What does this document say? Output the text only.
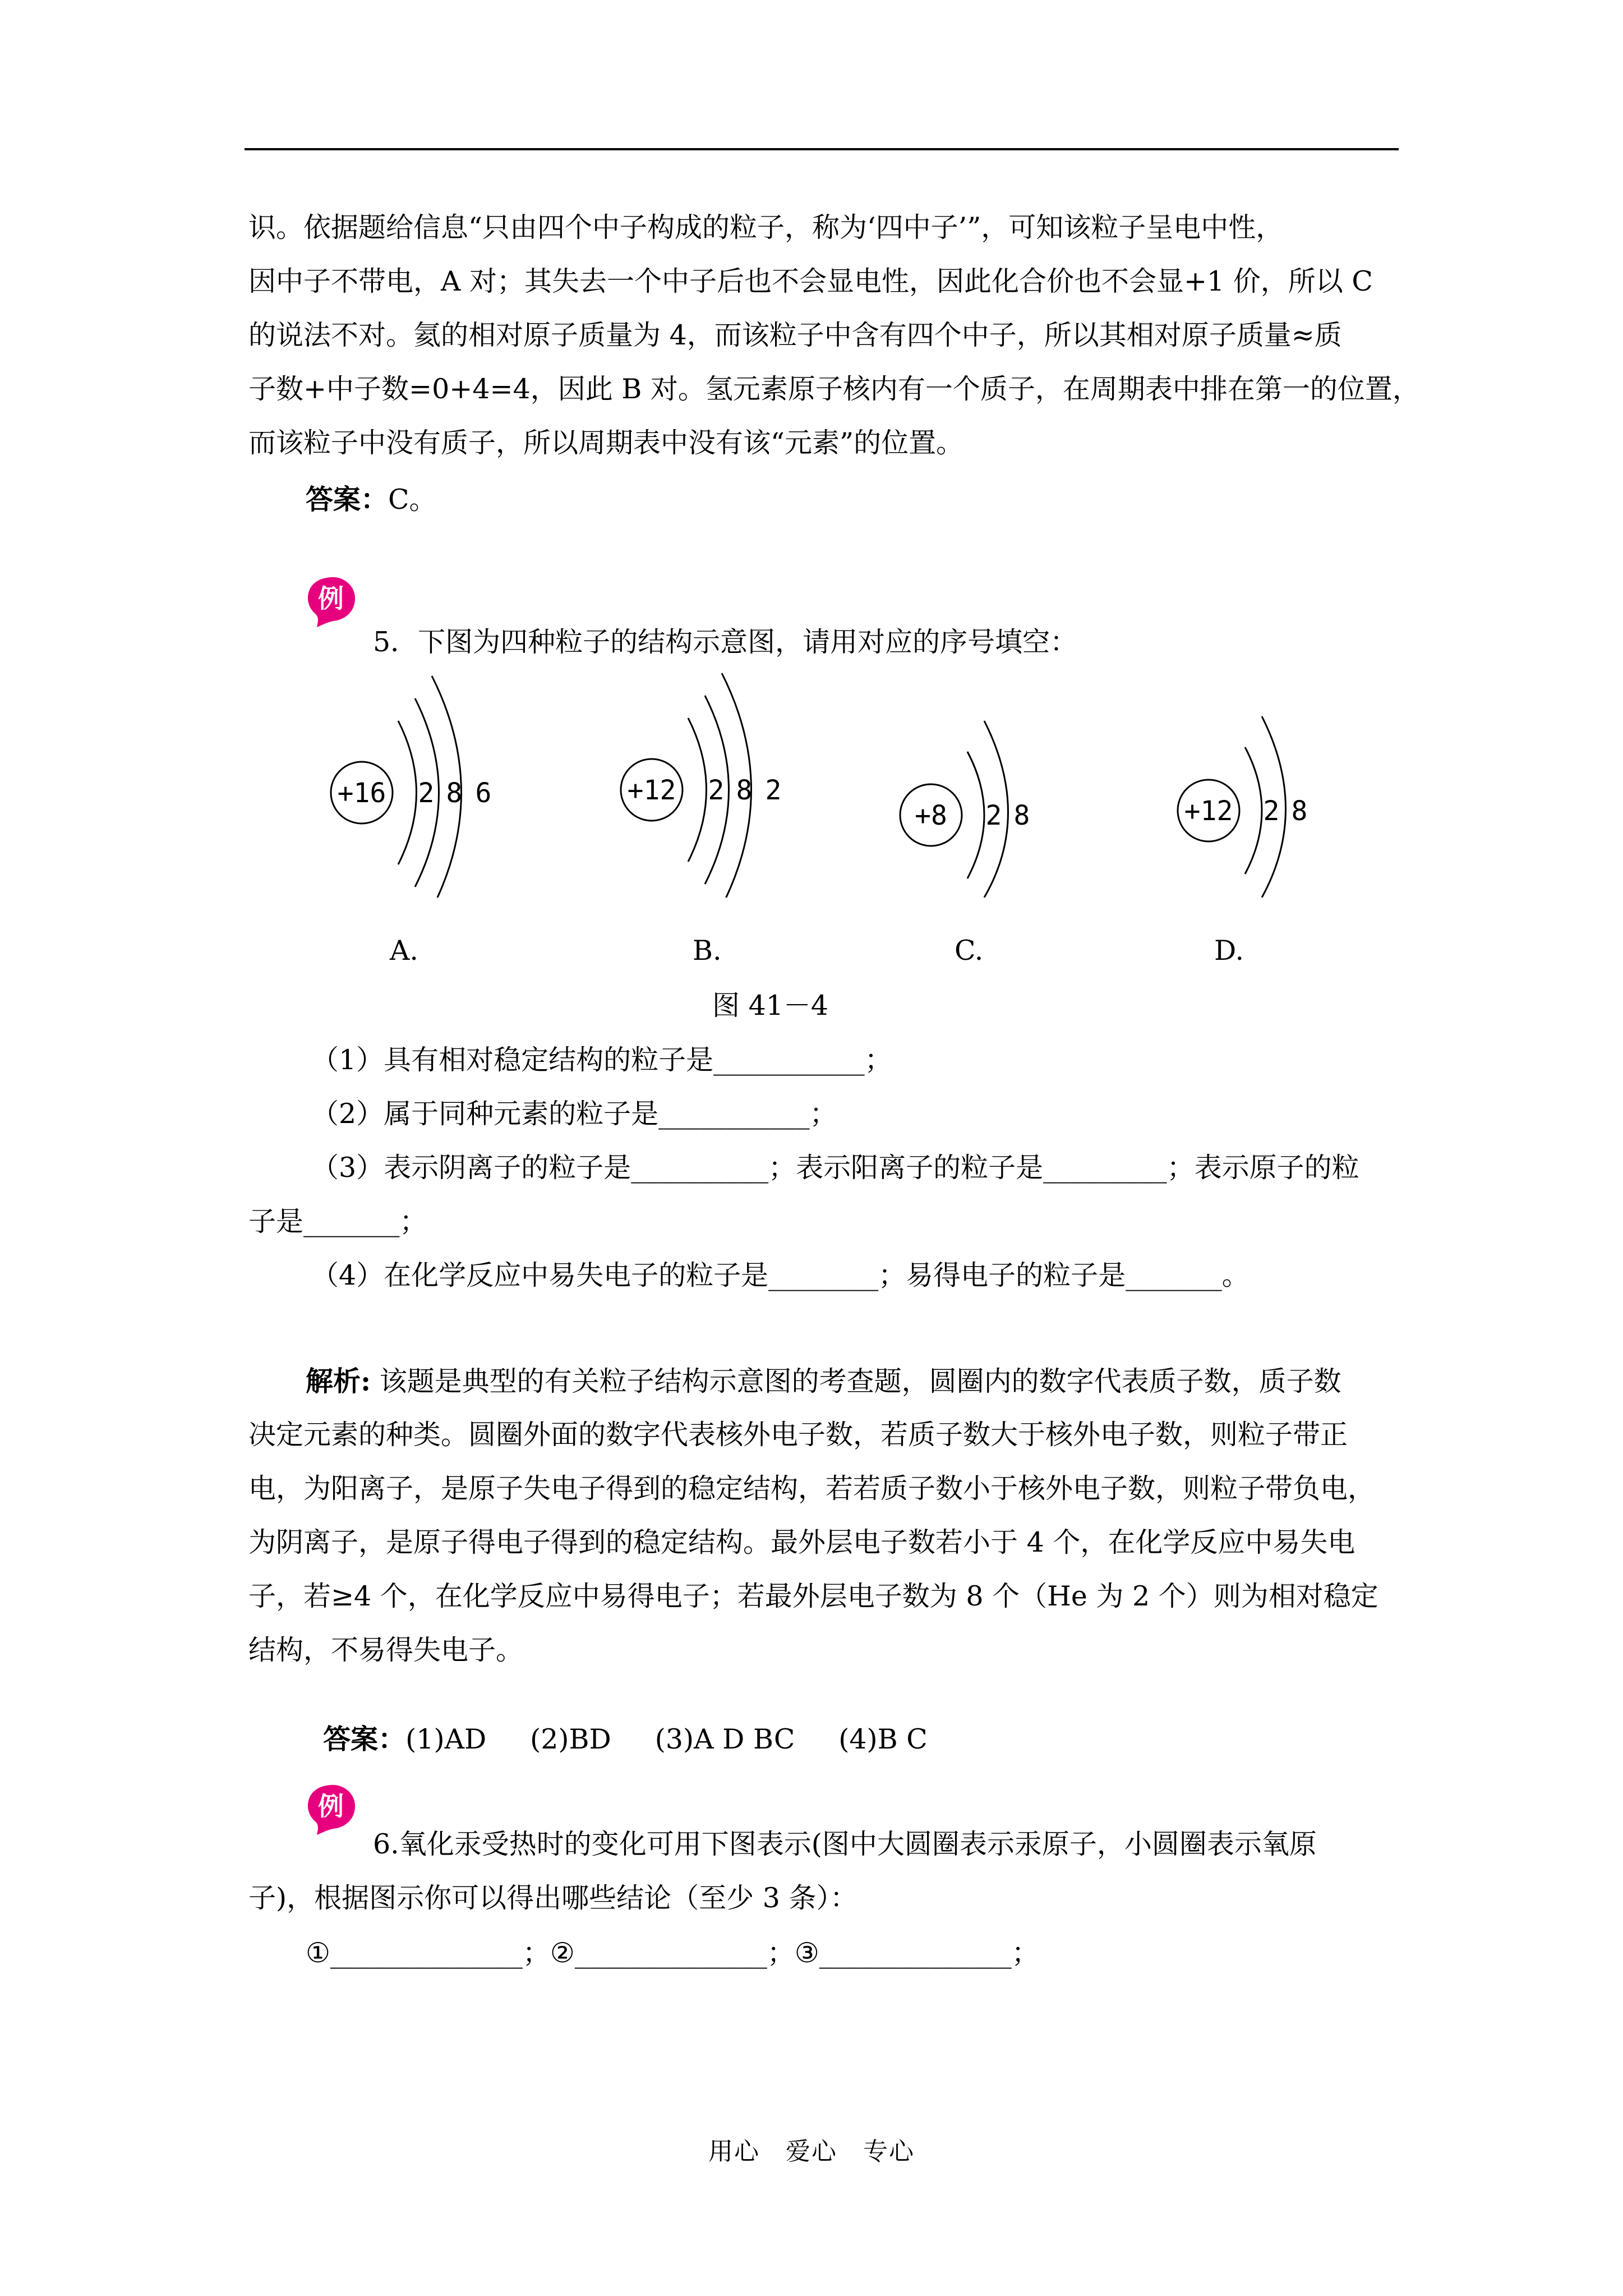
识。依据题给信息“只由四个中子构成的粒子，称为‘四中子’”，可知该粒子呈电中性，
因中子不带电，A 对；其失去一个中子后也不会显电性，因此化合价也不会显+1 价，所以 C
的说法不对。氦的相对原子质量为 4，而该粒子中含有四个中子，所以其相对原子质量≈质
子数+中子数=0+4=4，因此 B 对。氢元素原子核内有一个质子，在周期表中排在第一的位置，
而该粒子中没有质子，所以周期表中没有该“元素”的位置。
答案：C。
例
5．下图为四种粒子的结构示意图，请用对应的序号填空：
+16 2 8 6	+12 2 8 2
+8 2 8	+12 2 8
A.	B.	C.	D.
图 41－4
（1）具有相对稳定结构的粒子是___________；
（2）属于同种元素的粒子是___________；
（3）表示阴离子的粒子是__________；表示阳离子的粒子是_________；表示原子的粒
子是_______；
（4）在化学反应中易失电子的粒子是________；易得电子的粒子是_______。
解析: 该题是典型的有关粒子结构示意图的考查题，圆圈内的数字代表质子数，质子数
决定元素的种类。圆圈外面的数字代表核外电子数，若质子数大于核外电子数，则粒子带正
电，为阳离子，是原子失电子得到的稳定结构，若若质子数小于核外电子数，则粒子带负电，
为阴离子，是原子得电子得到的稳定结构。最外层电子数若小于 4 个，在化学反应中易失电
子，若≥4 个，在化学反应中易得电子；若最外层电子数为 8 个（He 为 2 个）则为相对稳定
结构，不易得失电子。

答案：(1)AD     (2)BD     (3)A D BC     (4)B C

例
6.氧化汞受热时的变化可用下图表示(图中大圆圈表示汞原子，小圆圈表示氧原
子)，根据图示你可以得出哪些结论（至少 3 条）：
①______________；②______________；③______________；
用心 爱心 专心
